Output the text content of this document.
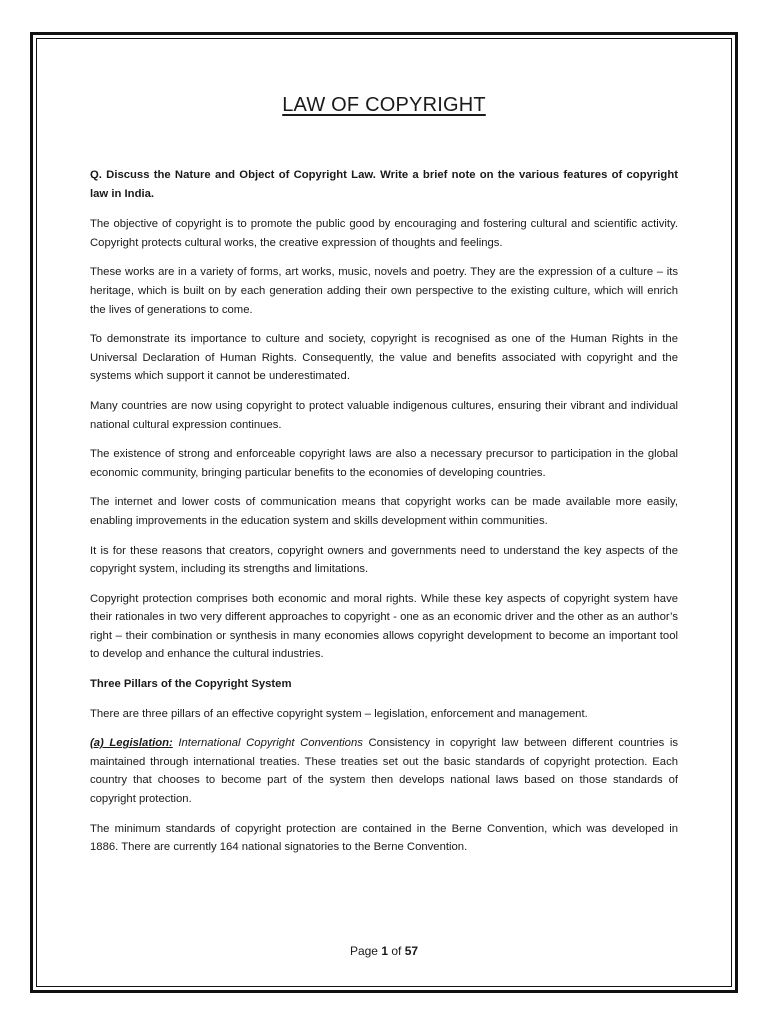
LAW OF COPYRIGHT

Q. Discuss the Nature and Object of Copyright Law. Write a brief note on the various features of copyright law in India.

The objective of copyright is to promote the public good by encouraging and fostering cultural and scientific activity. Copyright protects cultural works, the creative expression of thoughts and feelings.

These works are in a variety of forms, art works, music, novels and poetry. They are the expression of a culture – its heritage, which is built on by each generation adding their own perspective to the existing culture, which will enrich the lives of generations to come.

To demonstrate its importance to culture and society, copyright is recognised as one of the Human Rights in the Universal Declaration of Human Rights. Consequently, the value and benefits associated with copyright and the systems which support it cannot be underestimated.

Many countries are now using copyright to protect valuable indigenous cultures, ensuring their vibrant and individual national cultural expression continues.

The existence of strong and enforceable copyright laws are also a necessary precursor to participation in the global economic community, bringing particular benefits to the economies of developing countries.

The internet and lower costs of communication means that copyright works can be made available more easily, enabling improvements in the education system and skills development within communities.

It is for these reasons that creators, copyright owners and governments need to understand the key aspects of the copyright system, including its strengths and limitations.

Copyright protection comprises both economic and moral rights. While these key aspects of copyright system have their rationales in two very different approaches to copyright - one as an economic driver and the other as an author’s right – their combination or synthesis in many economies allows copyright development to become an important tool to develop and enhance the cultural industries.

Three Pillars of the Copyright System

There are three pillars of an effective copyright system – legislation, enforcement and management.

(a) Legislation: International Copyright Conventions Consistency in copyright law between different countries is maintained through international treaties. These treaties set out the basic standards of copyright protection. Each country that chooses to become part of the system then develops national laws based on those standards of copyright protection.

The minimum standards of copyright protection are contained in the Berne Convention, which was developed in 1886. There are currently 164 national signatories to the Berne Convention.

Page 1 of 57
